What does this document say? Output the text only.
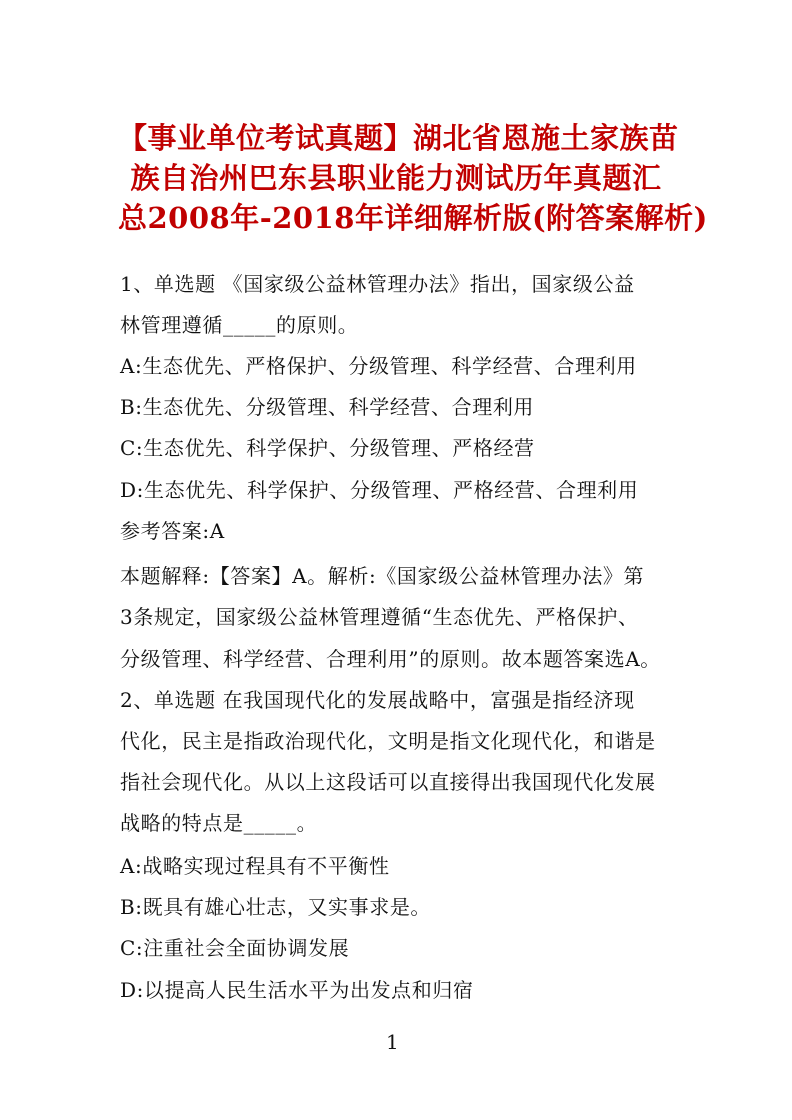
【事业单位考试真题】湖北省恩施土家族苗
族自治州巴东县职业能力测试历年真题汇
总2008年-2018年详细解析版(附答案解析)
1、单选题 《国家级公益林管理办法》指出，国家级公益
林管理遵循_____的原则。
A:生态优先、严格保护、分级管理、科学经营、合理利用
B:生态优先、分级管理、科学经营、合理利用
C:生态优先、科学保护、分级管理、严格经营
D:生态优先、科学保护、分级管理、严格经营、合理利用
参考答案:A
本题解释:【答案】A。解析:《国家级公益林管理办法》第
3条规定，国家级公益林管理遵循“生态优先、严格保护、
分级管理、科学经营、合理利用”的原则。故本题答案选A。
2、单选题 在我国现代化的发展战略中，富强是指经济现
代化，民主是指政治现代化，文明是指文化现代化，和谐是
指社会现代化。从以上这段话可以直接得出我国现代化发展
战略的特点是_____。
A:战略实现过程具有不平衡性
B:既具有雄心壮志，又实事求是。
C:注重社会全面协调发展
D:以提高人民生活水平为出发点和归宿
1
